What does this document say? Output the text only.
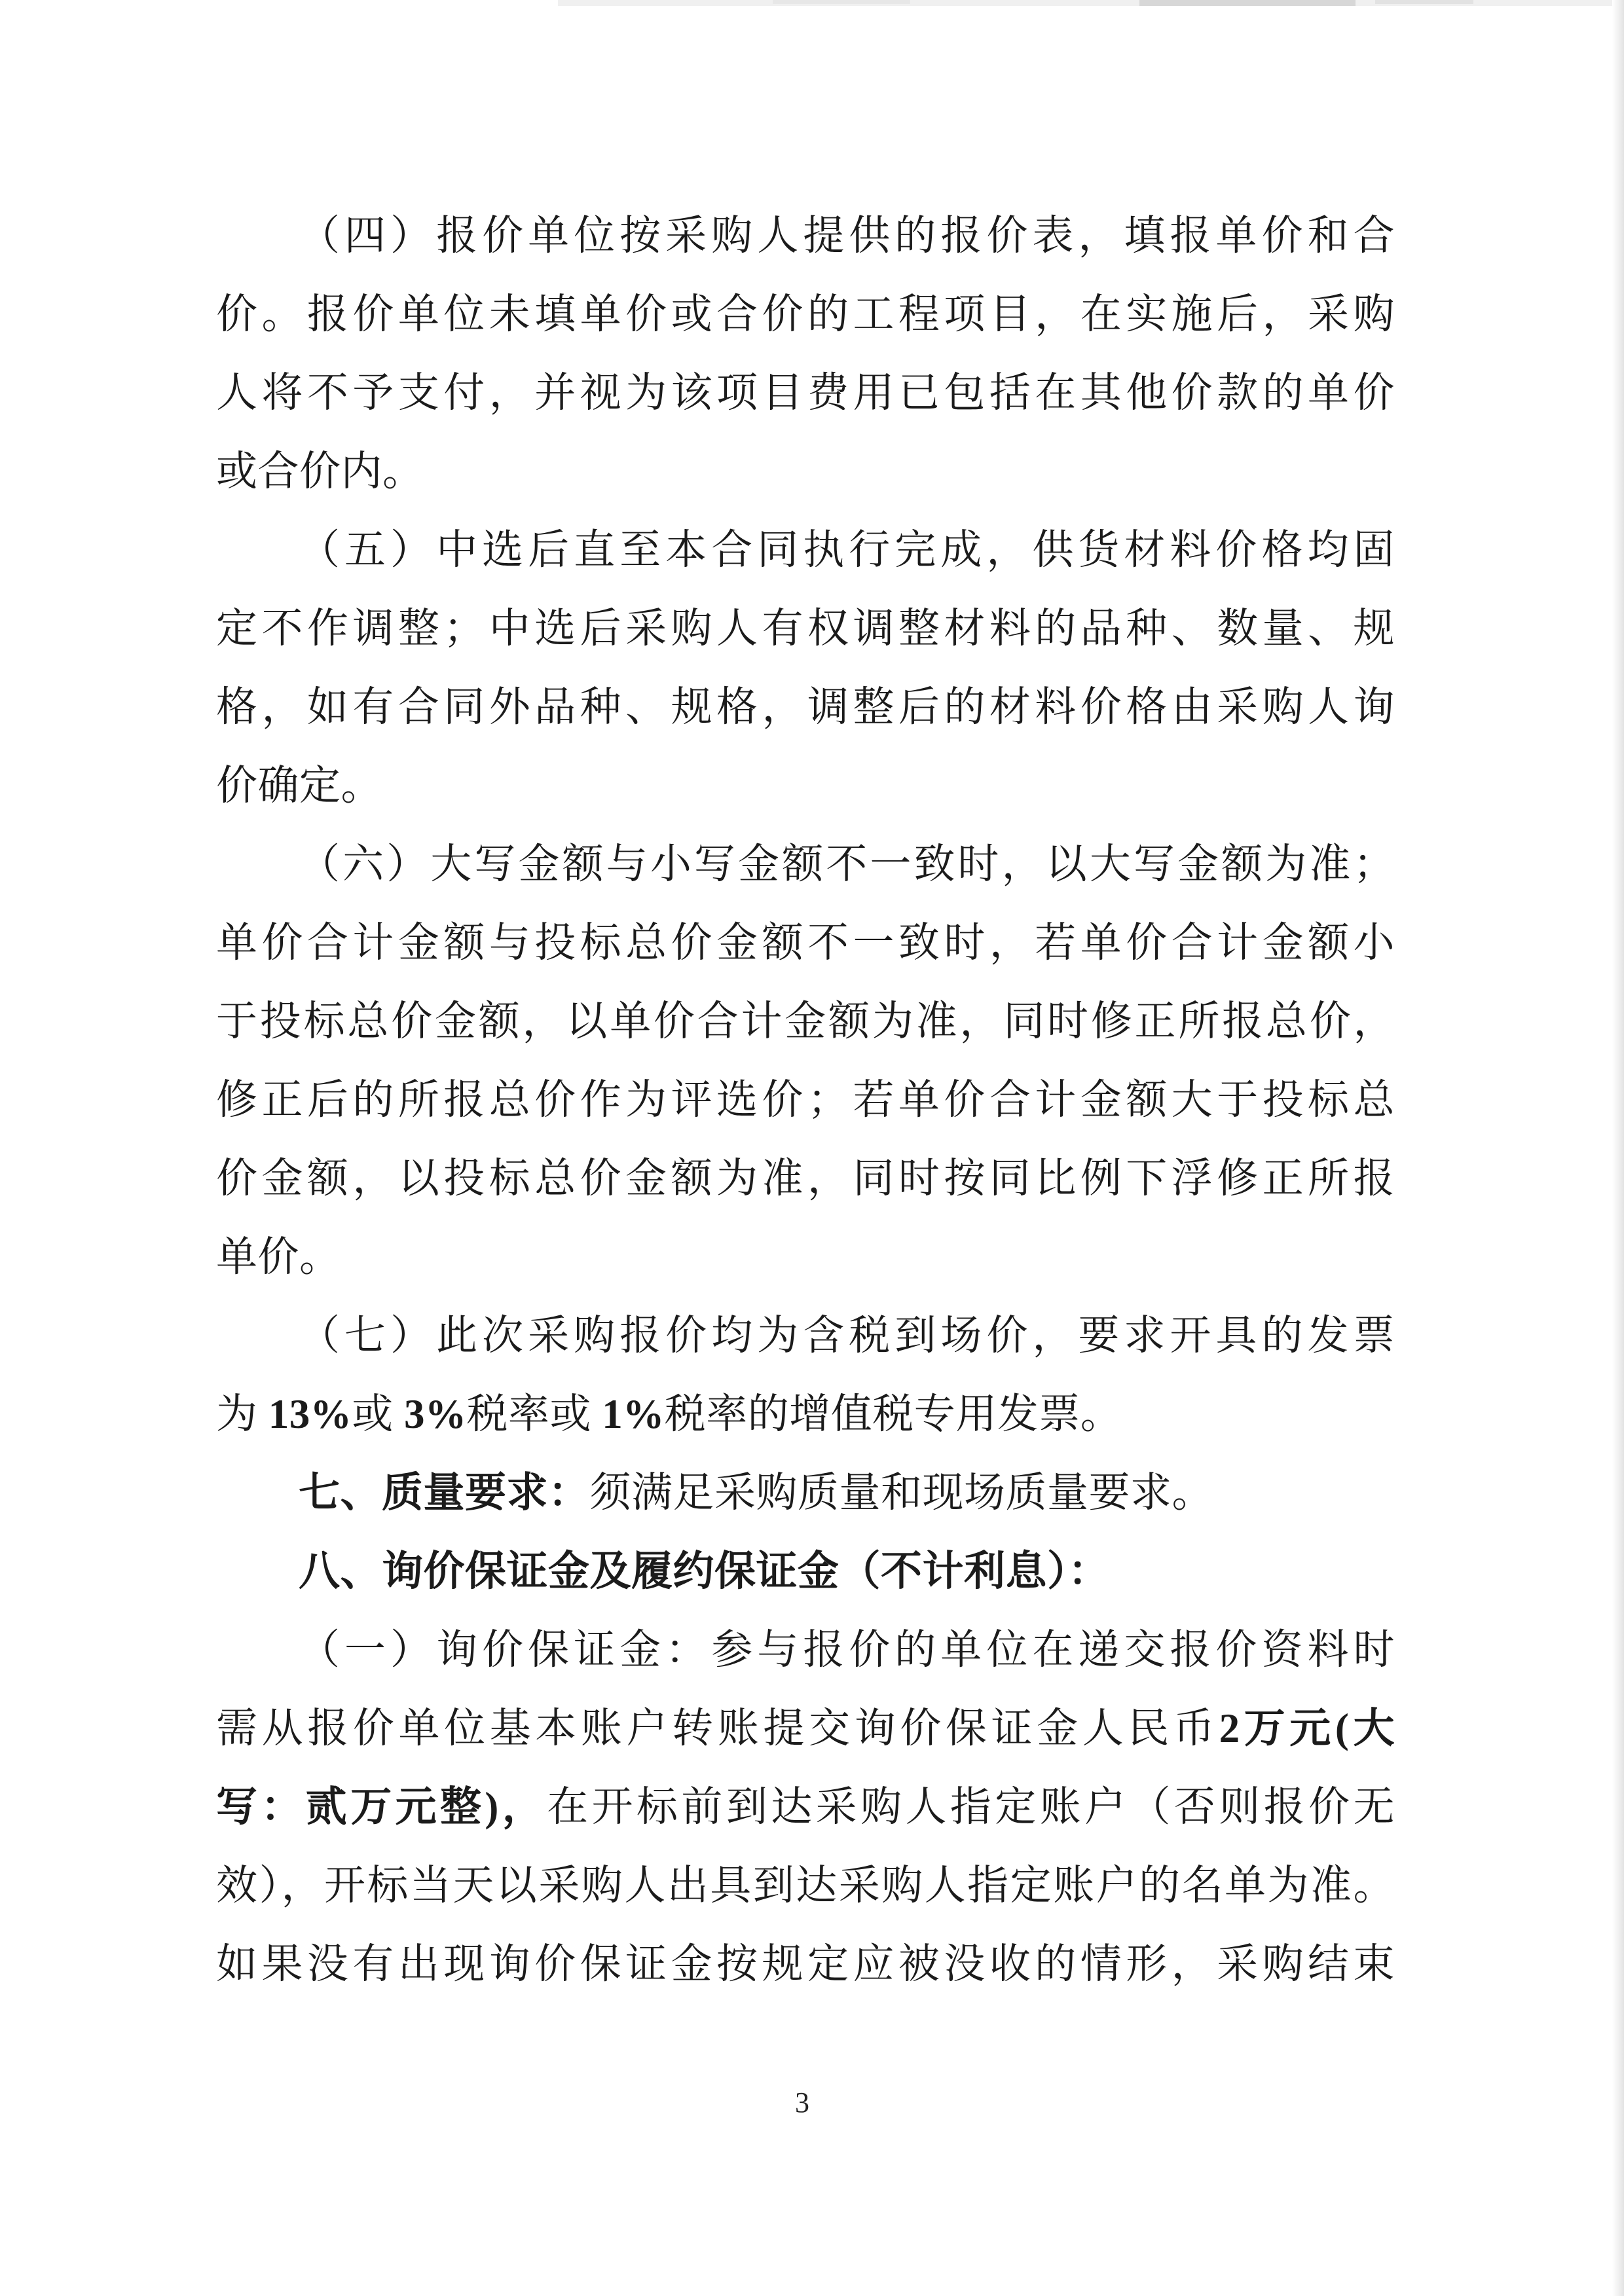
（四）报价单位按采购人提供的报价表，填报单价和合
价。报价单位未填单价或合价的工程项目，在实施后，采购
人将不予支付，并视为该项目费用已包括在其他价款的单价
或合价内。
（五）中选后直至本合同执行完成，供货材料价格均固
定不作调整；中选后采购人有权调整材料的品种、数量、规
格，如有合同外品种、规格，调整后的材料价格由采购人询
价确定。
（六）大写金额与小写金额不一致时，以大写金额为准；
单价合计金额与投标总价金额不一致时，若单价合计金额小
于投标总价金额，以单价合计金额为准，同时修正所报总价，
修正后的所报总价作为评选价；若单价合计金额大于投标总
价金额，以投标总价金额为准，同时按同比例下浮修正所报
单价。
（七）此次采购报价均为含税到场价，要求开具的发票
为 13%或 3%税率或 1%税率的增值税专用发票。
七、质量要求：须满足采购质量和现场质量要求。
八、询价保证金及履约保证金（不计利息）：
（一）询价保证金：参与报价的单位在递交报价资料时
需从报价单位基本账户转账提交询价保证金人民币2万元(大
写：贰万元整)，在开标前到达采购人指定账户（否则报价无
效），开标当天以采购人出具到达采购人指定账户的名单为准。
如果没有出现询价保证金按规定应被没收的情形，采购结束
3
